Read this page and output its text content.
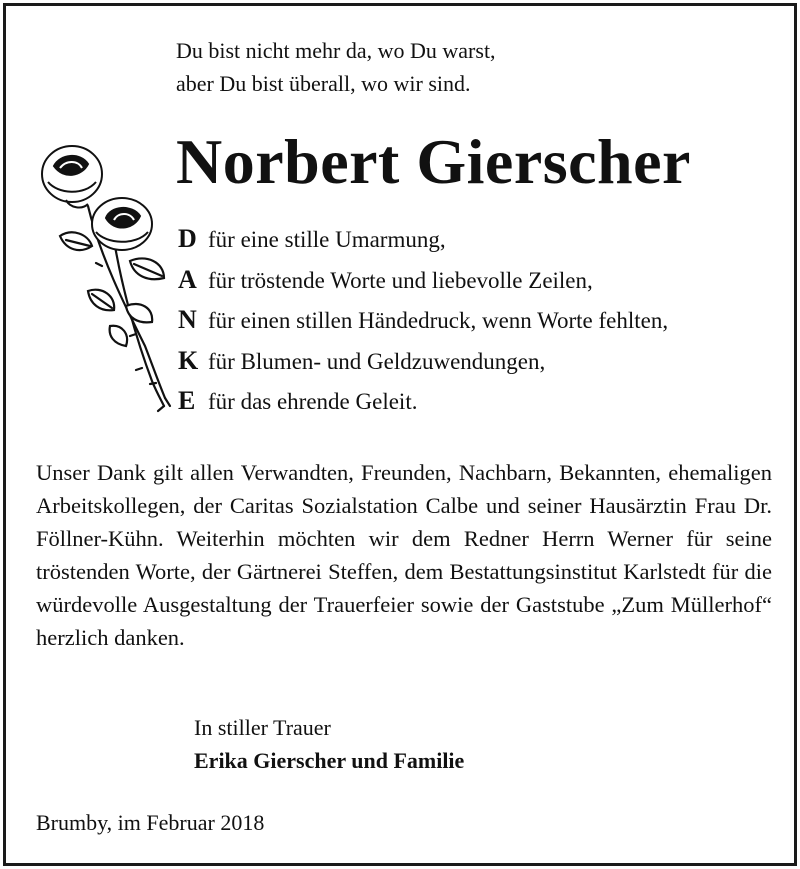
Du bist nicht mehr da, wo Du warst,
aber Du bist überall, wo wir sind.
Norbert Gierscher
D für eine stille Umarmung,
A für tröstende Worte und liebevolle Zeilen,
N für einen stillen Händedruck, wenn Worte fehlten,
K für Blumen- und Geldzuwendungen,
E für das ehrende Geleit.
Unser Dank gilt allen Verwandten, Freunden, Nachbarn, Bekannten, ehemaligen Arbeitskollegen, der Caritas Sozialstation Calbe und seiner Hausärztin Frau Dr. Föllner-Kühn. Weiterhin möchten wir dem Redner Herrn Werner für seine tröstenden Worte, der Gärtnerei Steffen, dem Bestattungsinstitut Karlstedt für die würdevolle Ausgestaltung der Trauerfeier sowie der Gaststube „Zum Müllerhof“ herzlich danken.
In stiller Trauer
Erika Gierscher und Familie
Brumby, im Februar 2018
